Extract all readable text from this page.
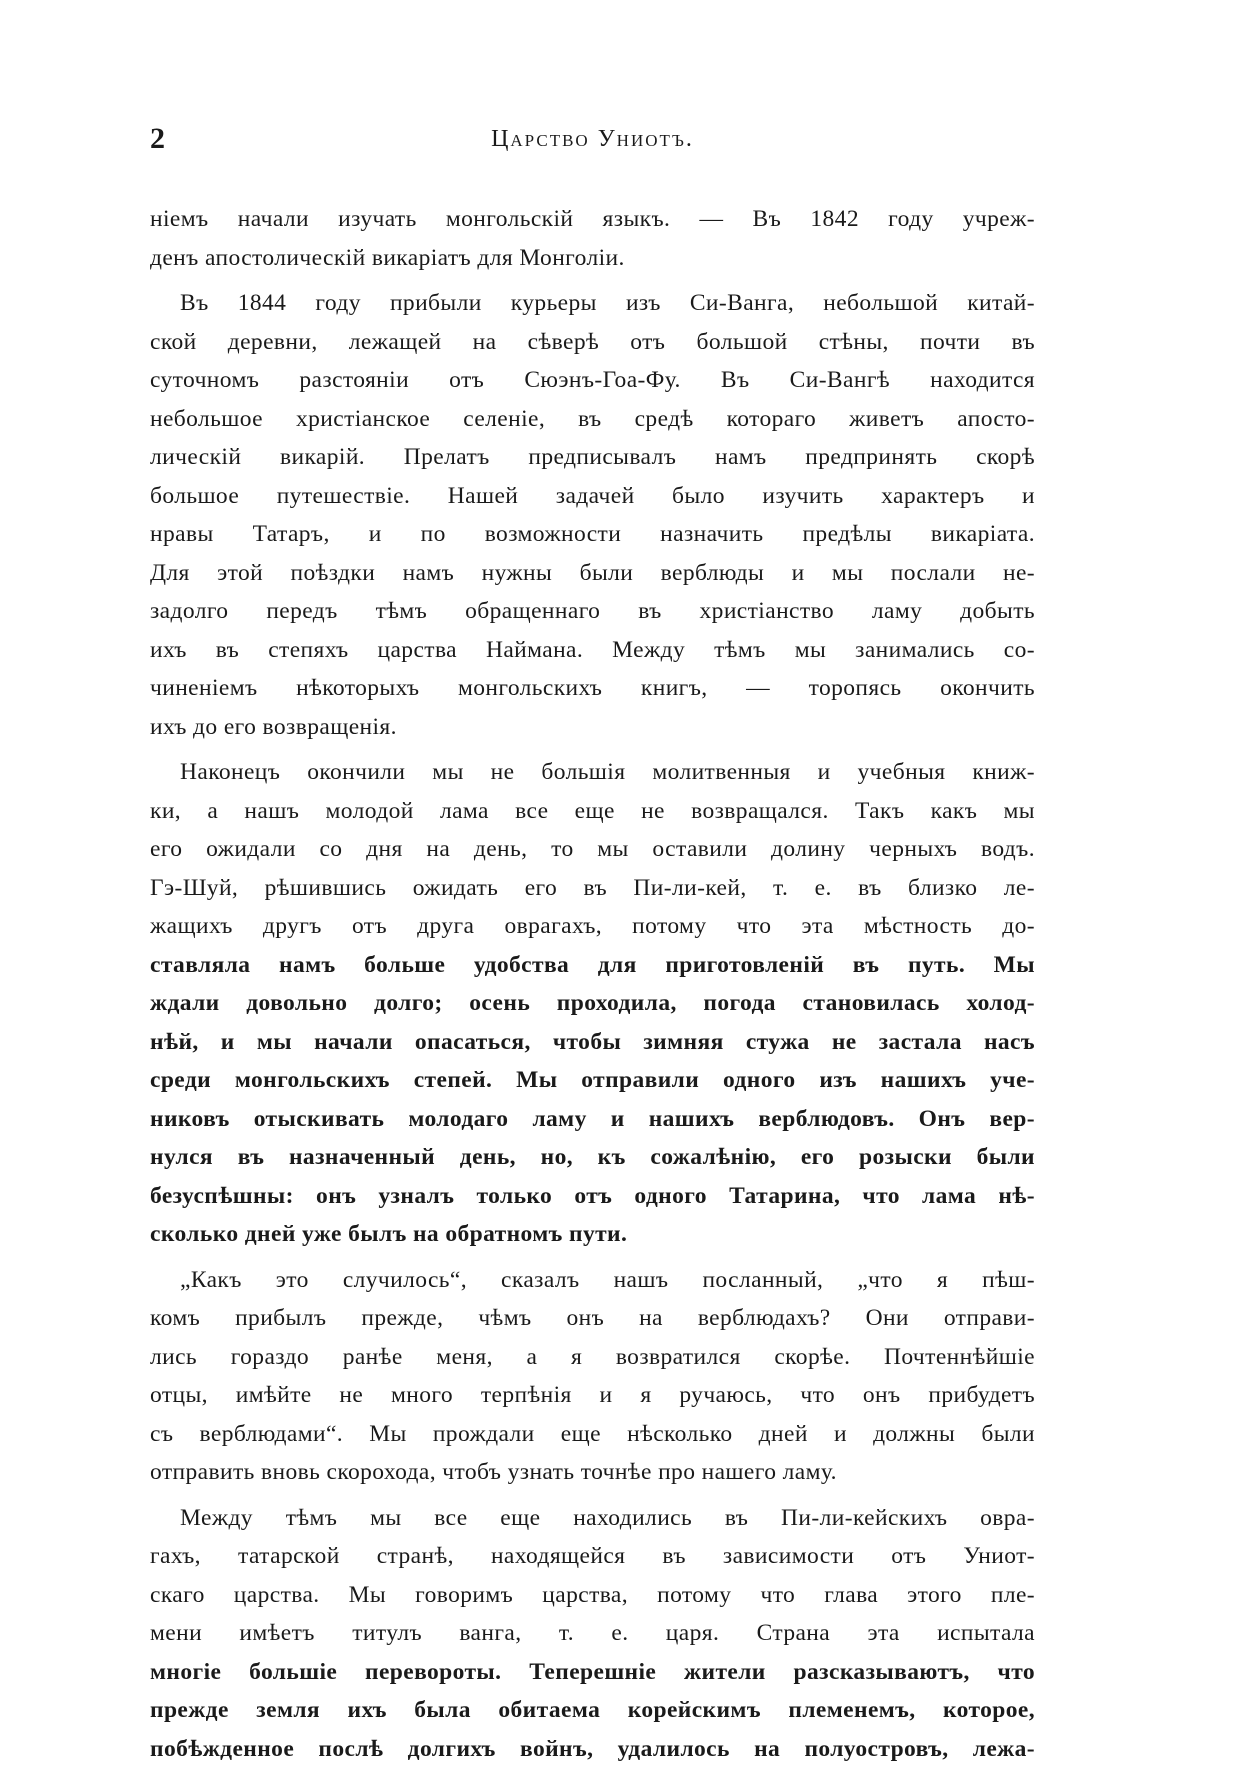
2	Царство Униотъ.
ніемъ начали изучать монгольскій языкъ. — Въ 1842 году учреж-
денъ апостолическій викаріатъ для Монголіи.
Въ 1844 году прибыли курьеры изъ Си-Ванга, небольшой китай-
ской деревни, лежащей на сѣверѣ отъ большой стѣны, почти въ
суточномъ разстояніи отъ Сюэнъ-Гоа-Фу. Въ Си-Вангѣ находится
небольшое христіанское селеніе, въ средѣ котораго живетъ апосто-
лическій викарій. Прелатъ предписывалъ намъ предпринять скорѣ
большое путешествіе. Нашей задачей было изучить характеръ и
нравы Татаръ, и по возможности назначить предѣлы викаріата.
Для этой поѣздки намъ нужны были верблюды и мы послали не-
задолго передъ тѣмъ обращеннаго въ христіанство ламу добыть
ихъ въ степяхъ царства Наймана. Между тѣмъ мы занимались со-
чиненіемъ нѣкоторыхъ монгольскихъ книгъ, — торопясь окончить
ихъ до его возвращенія.
Наконецъ окончили мы не большія молитвенныя и учебныя книж-
ки, а нашъ молодой лама все еще не возвращался. Такъ какъ мы
его ожидали со дня на день, то мы оставили долину черныхъ водъ.
Гэ-Шуй, рѣшившись ожидать его въ Пи-ли-кей, т. е. въ близко ле-
жащихъ другъ отъ друга оврагахъ, потому что эта мѣстность до-
ставляла намъ больше удобства для приготовленій въ путь. Мы
ждали довольно долго; осень проходила, погода становилась холод-
нѣй, и мы начали опасаться, чтобы зимняя стужа не застала насъ
среди монгольскихъ степей. Мы отправили одного изъ нашихъ уче-
никовъ отыскивать молодаго ламу и нашихъ верблюдовъ. Онъ вер-
нулся въ назначенный день, но, къ сожалѣнію, его розыски были
безуспѣшны: онъ узналъ только отъ одного Татарина, что лама нѣ-
сколько дней уже былъ на обратномъ пути.
„Какъ это случилось“, сказалъ нашъ посланный, „что я пѣш-
комъ прибылъ прежде, чѣмъ онъ на верблюдахъ? Они отправи-
лись гораздо ранѣе меня, а я возвратился скорѣе. Почтеннѣйшіе
отцы, имѣйте не много терпѣнія и я ручаюсь, что онъ прибудетъ
съ верблюдами“. Мы прождали еще нѣсколько дней и должны были
отправить вновь скорохода, чтобъ узнать точнѣе про нашего ламу.
Между тѣмъ мы все еще находились въ Пи-ли-кейскихъ овра-
гахъ, татарской странѣ, находящейся въ зависимости отъ Униот-
скаго царства. Мы говоримъ царства, потому что глава этого пле-
мени имѣетъ титулъ ванга, т. е. царя. Страна эта испытала
многіе большіе перевороты. Теперешніе жители разсказываютъ, что
прежде земля ихъ была обитаема корейскимъ племенемъ, которое,
побѣжденное послѣ долгихъ войнъ, удалилось на полуостровъ, лежа-
